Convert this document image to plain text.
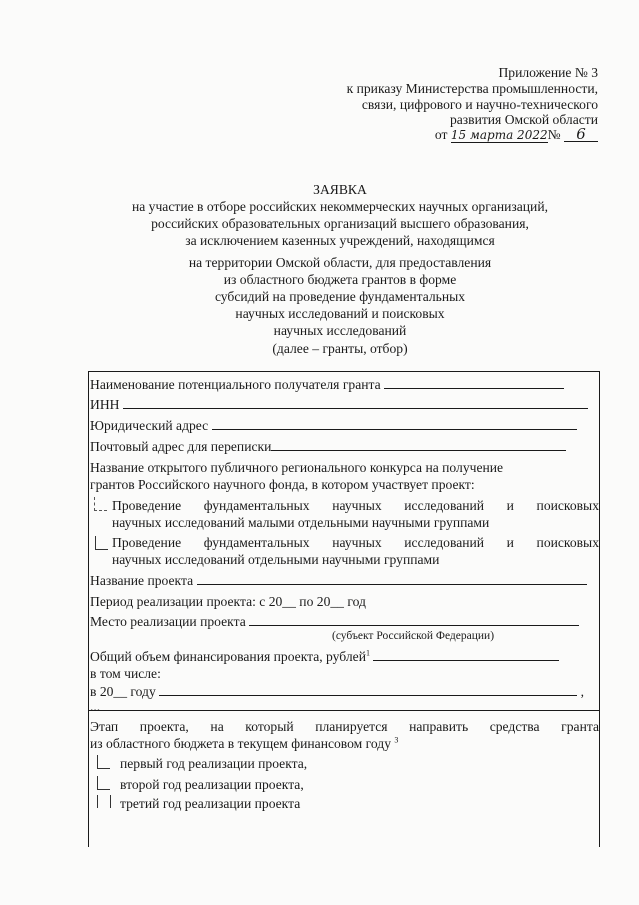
Приложение № 3
к приказу Министерства промышленности,
связи, цифрового и научно-технического
развития Омской области
от 15 марта 2022№ 6
ЗАЯВКА
на участие в отборе российских некоммерческих научных организаций,
российских образовательных организаций высшего образования,
за исключением казенных учреждений, находящимся
на территории Омской области, для предоставления
из областного бюджета грантов в форме
субсидий на проведение фундаментальных
научных исследований и поисковых
научных исследований
(далее – гранты, отбор)
Наименование потенциального получателя гранта
ИНН
Юридический адрес
Почтовый адрес для переписки
Название открытого публичного регионального конкурса на получение
грантов Российского научного фонда, в котором участвует проект:
Проведение фундаментальных научных исследований и поисковых
научных исследований малыми отдельными научными группами
Проведение фундаментальных научных исследований и поисковых
научных исследований отдельными научными группами
Название проекта
Период реализации проекта: с 20__ по 20__ год
Место реализации проекта
(субъект Российской Федерации)
Общий объем финансирования проекта, рублей$^1$
в том числе:
в 20__ году	,
...
Этап проекта, на который планируется направить средства гранта
из областного бюджета в текущем финансовом году $^3$
первый год реализации проекта,
второй год реализации проекта,
третий год реализации проекта
